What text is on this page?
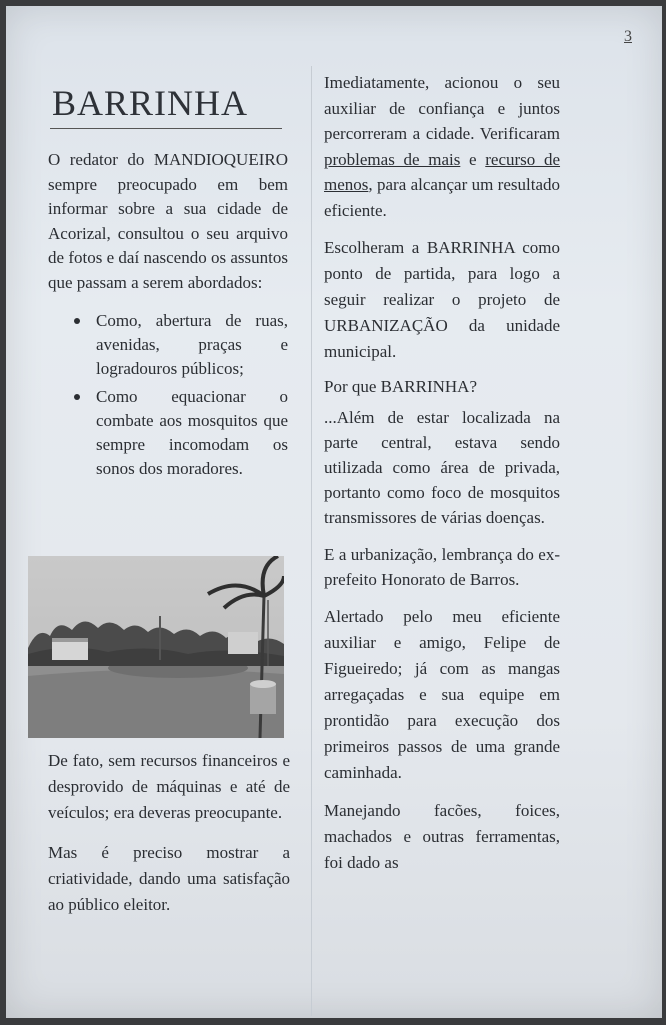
3
BARRINHA

O redator do MANDIOQUEIRO sempre preocupado em bem informar sobre a sua cidade de Acorizal, consultou o seu arquivo de fotos e daí nascendo os assuntos que passam a serem abordados:

Como, abertura de ruas, avenidas, praças e logradouros públicos;
Como equacionar o combate aos mosquitos que sempre incomodam os sonos dos moradores.

De fato, sem recursos financeiros e desprovido de máquinas e até de veículos; era deveras preocupante.

Mas é preciso mostrar a criatividade, dando uma satisfação ao público eleitor.

Imediatamente, acionou o seu auxiliar de confiança e juntos percorreram a cidade. Verificaram problemas de mais e recurso de menos, para alcançar um resultado eficiente.

Escolheram a BARRINHA como ponto de partida, para logo a seguir realizar o projeto de URBANIZAÇÃO da unidade municipal.

Por que BARRINHA?

...Além de estar localizada na parte central, estava sendo utilizada como área de privada, portanto como foco de mosquitos transmissores de várias doenças.

E a urbanização, lembrança do ex-prefeito Honorato de Barros.

Alertado pelo meu eficiente auxiliar e amigo, Felipe de Figueiredo; já com as mangas arregaçadas e sua equipe em prontidão para execução dos primeiros passos de uma grande caminhada.

Manejando facões, foices, machados e outras ferramentas, foi dado as
